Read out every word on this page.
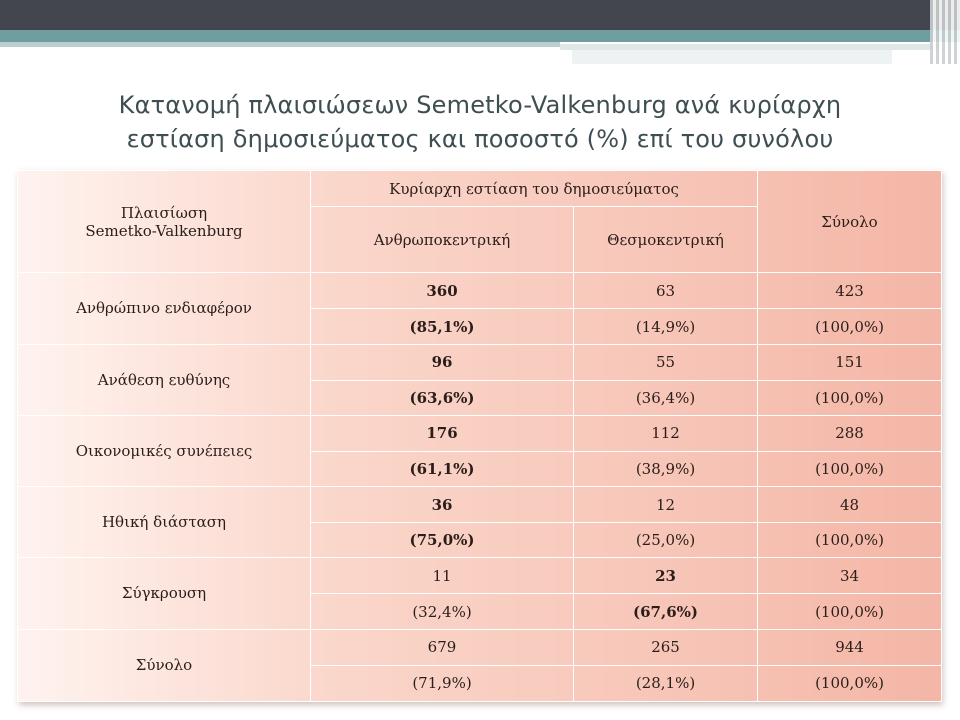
Κατανομή πλαισιώσεων Semetko-Valkenburg ανά κυρίαρχη
εστίαση δημοσιεύματος και ποσοστό (%) επί του συνόλου
Πλαισίωση
Semetko-Valkenburg	Κυρίαρχη εστίαση του δημοσιεύματος		Σύνολο
	Ανθρωποκεντρική	Θεσμοκεντρική	
Ανθρώπινο ενδιαφέρον	360	63	423
	(85,1%)	(14,9%)	(100,0%)
Ανάθεση ευθύνης	96	55	151
	(63,6%)	(36,4%)	(100,0%)
Οικονομικές συνέπειες	176	112	288
	(61,1%)	(38,9%)	(100,0%)
Ηθική διάσταση	36	12	48
	(75,0%)	(25,0%)	(100,0%)
Σύγκρουση	11	23	34
	(32,4%)	(67,6%)	(100,0%)
Σύνολο	679	265	944
	(71,9%)	(28,1%)	(100,0%)
